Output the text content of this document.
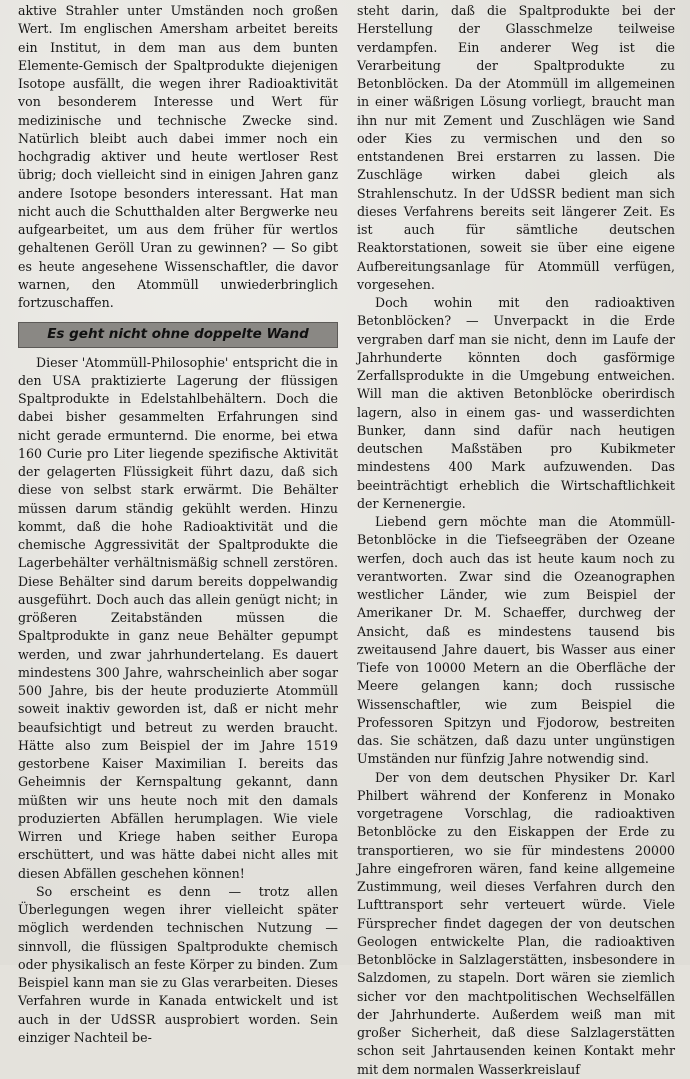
aktive Strahler unter Umständen noch großen Wert. Im englischen Amersham arbeitet bereits ein Institut, in dem man aus dem bunten Elemente-Gemisch der Spaltprodukte diejenigen Isotope ausfällt, die wegen ihrer Radioaktivität von besonderem Interesse und Wert für medizinische und technische Zwecke sind. Natürlich bleibt auch dabei immer noch ein hochgradig aktiver und heute wertloser Rest übrig; doch vielleicht sind in einigen Jahren ganz andere Isotope besonders interessant. Hat man nicht auch die Schutthalden alter Bergwerke neu aufgearbeitet, um aus dem früher für wertlos gehaltenen Geröll Uran zu gewinnen? — So gibt es heute angesehene Wissenschaftler, die davor warnen, den Atommüll unwiederbringlich fortzuschaffen.

Es geht nicht ohne doppelte Wand

Dieser 'Atommüll-Philosophie' entspricht die in den USA praktizierte Lagerung der flüssigen Spaltprodukte in Edelstahlbehältern. Doch die dabei bisher gesammelten Erfahrungen sind nicht gerade ermunternd. Die enorme, bei etwa 160 Curie pro Liter liegende spezifische Aktivität der gelagerten Flüssigkeit führt dazu, daß sich diese von selbst stark erwärmt. Die Behälter müssen darum ständig gekühlt werden. Hinzu kommt, daß die hohe Radioaktivität und die chemische Aggressivität der Spaltprodukte die Lagerbehälter verhältnismäßig schnell zerstören. Diese Behälter sind darum bereits doppelwandig ausgeführt. Doch auch das allein genügt nicht; in größeren Zeitabständen müssen die Spaltprodukte in ganz neue Behälter gepumpt werden, und zwar jahrhundertelang. Es dauert mindestens 300 Jahre, wahrscheinlich aber sogar 500 Jahre, bis der heute produzierte Atommüll soweit inaktiv geworden ist, daß er nicht mehr beaufsichtigt und betreut zu werden braucht. Hätte also zum Beispiel der im Jahre 1519 gestorbene Kaiser Maximilian I. bereits das Geheimnis der Kernspaltung gekannt, dann müßten wir uns heute noch mit den damals produzierten Abfällen herumplagen. Wie viele Wirren und Kriege haben seither Europa erschüttert, und was hätte dabei nicht alles mit diesen Abfällen geschehen können!

So erscheint es denn — trotz allen Überlegungen wegen ihrer vielleicht später möglich werdenden technischen Nutzung — sinnvoll, die flüssigen Spaltprodukte chemisch oder physikalisch an feste Körper zu binden. Zum Beispiel kann man sie zu Glas verarbeiten. Dieses Verfahren wurde in Kanada entwickelt und ist auch in der UdSSR ausprobiert worden. Sein einziger Nachteil be-

steht darin, daß die Spaltprodukte bei der Herstellung der Glasschmelze teilweise verdampfen. Ein anderer Weg ist die Verarbeitung der Spaltprodukte zu Betonblöcken. Da der Atommüll im allgemeinen in einer wäßrigen Lösung vorliegt, braucht man ihn nur mit Zement und Zuschlägen wie Sand oder Kies zu vermischen und den so entstandenen Brei erstarren zu lassen. Die Zuschläge wirken dabei gleich als Strahlenschutz. In der UdSSR bedient man sich dieses Verfahrens bereits seit längerer Zeit. Es ist auch für sämtliche deutschen Reaktorstationen, soweit sie über eine eigene Aufbereitungsanlage für Atommüll verfügen, vorgesehen.

Doch wohin mit den radioaktiven Betonblöcken? — Unverpackt in die Erde vergraben darf man sie nicht, denn im Laufe der Jahrhunderte könnten doch gasförmige Zerfallsprodukte in die Umgebung entweichen. Will man die aktiven Betonblöcke oberirdisch lagern, also in einem gas- und wasserdichten Bunker, dann sind dafür nach heutigen deutschen Maßstäben pro Kubikmeter mindestens 400 Mark aufzuwenden. Das beeinträchtigt erheblich die Wirtschaftlichkeit der Kernenergie.

Liebend gern möchte man die Atommüll-Betonblöcke in die Tiefseegräben der Ozeane werfen, doch auch das ist heute kaum noch zu verantworten. Zwar sind die Ozeanographen westlicher Länder, wie zum Beispiel der Amerikaner Dr. M. Schaeffer, durchweg der Ansicht, daß es mindestens tausend bis zweitausend Jahre dauert, bis Wasser aus einer Tiefe von 10000 Metern an die Oberfläche der Meere gelangen kann; doch russische Wissenschaftler, wie zum Beispiel die Professoren Spitzyn und Fjodorow, bestreiten das. Sie schätzen, daß dazu unter ungünstigen Umständen nur fünfzig Jahre notwendig sind.

Der von dem deutschen Physiker Dr. Karl Philbert während der Konferenz in Monako vorgetragene Vorschlag, die radioaktiven Betonblöcke zu den Eiskappen der Erde zu transportieren, wo sie für mindestens 20000 Jahre eingefroren wären, fand keine allgemeine Zustimmung, weil dieses Verfahren durch den Lufttransport sehr verteuert würde. Viele Fürsprecher findet dagegen der von deutschen Geologen entwickelte Plan, die radioaktiven Betonblöcke in Salzlagerstätten, insbesondere in Salzdomen, zu stapeln. Dort wären sie ziemlich sicher vor den machtpolitischen Wechselfällen der Jahrhunderte. Außerdem weiß man mit großer Sicherheit, daß diese Salzlagerstätten schon seit Jahrtausenden keinen Kontakt mehr mit dem normalen Wasserkreislauf
